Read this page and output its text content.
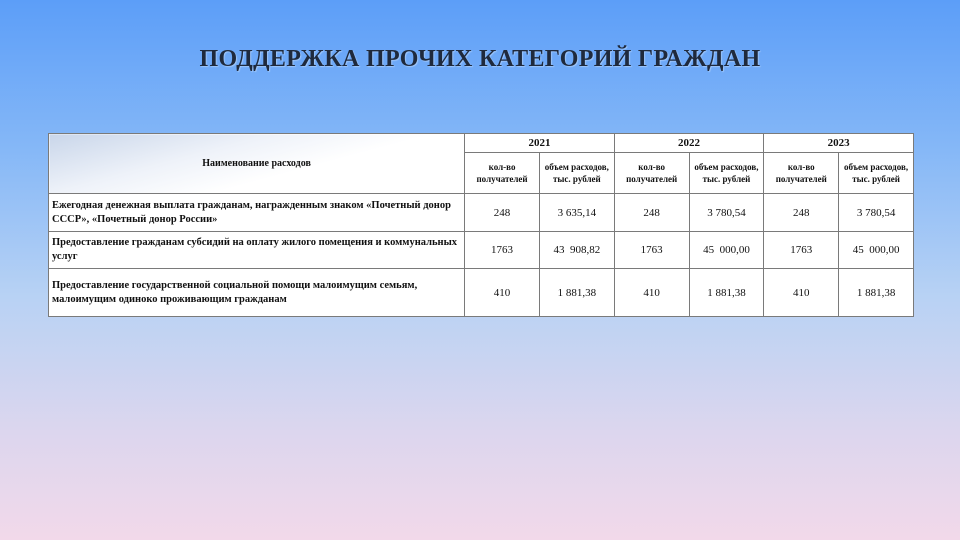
ПОДДЕРЖКА ПРОЧИХ КАТЕГОРИЙ ГРАЖДАН
Наименование расходов	2021		2022		2023	
	кол-во получателей	объем расходов, тыс. рублей	кол-во получателей	объем расходов, тыс. рублей	кол-во получателей	объем расходов, тыс. рублей
Ежегодная денежная выплата гражданам, награжденным знаком «Почетный донор СССР», «Почетный донор России»	248	3 635,14	248	3 780,54	248	3 780,54
Предоставление гражданам субсидий на оплату жилого помещения и коммунальных услуг	1763	43  908,82	1763	45  000,00	1763	45  000,00
Предоставление государственной социальной помощи малоимущим семьям, малоимущим одиноко проживающим гражданам	410	1 881,38	410	1 881,38	410	1 881,38
